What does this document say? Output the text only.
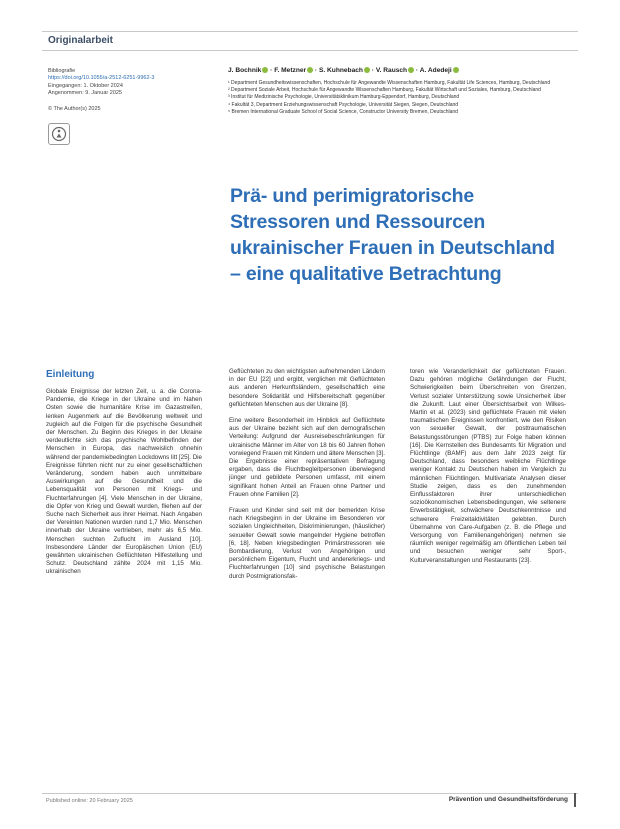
Originalarbeit
Bibliografie
https://doi.org/10.1055/a-2512-6251-9962-3
Eingegangen: 1. Oktober 2024
Angenommen: 9. Januar 2025
© The Author(s) 2025
J. Bochnik · F. Metzner · S. Kuhnebach · V. Rausch · A. Adedeji
¹ Department Gesundheitswissenschaften, Hochschule für Angewandte Wissenschaften Hamburg, Fakultät Life Sciences, Hamburg, Deutschland
² Department Soziale Arbeit, Hochschule für Angewandte Wissenschaften Hamburg, Fakultät Wirtschaft und Soziales, Hamburg, Deutschland
³ Institut für Medizinische Psychologie, Universitätsklinikum Hamburg-Eppendorf, Hamburg, Deutschland
⁴ Fakultät 3, Department Erziehungswissenschaft Psychologie, Universität Siegen, Siegen, Deutschland
⁵ Bremen International Graduate School of Social Science, Constructor University Bremen, Deutschland
Prä- und perimigratorische Stressoren und Ressourcen ukrainischer Frauen in Deutschland – eine qualitative Betrachtung
Einleitung

Globale Ereignisse der letzten Zeit, u. a. die Corona-Pandemie, die Kriege in der Ukraine und im Nahen Osten sowie die humanitäre Krise im Gazastreifen, lenken Augenmerk auf die Bevölkerung weltweit und zugleich auf die Folgen für die psychische Gesundheit der Menschen. Zu Beginn des Krieges in der Ukraine verdeutlichte sich das psychische Wohlbefinden der Menschen in Europa, das nachweislich ohnehin während der pandemiebedingten Lockdowns litt [25]. Die Ereignisse führten nicht nur zu einer gesellschaftlichen Veränderung, sondern haben auch unmittelbare Auswirkungen auf die Gesundheit und die Lebensqualität von Personen mit Kriegs- und Fluchterfahrungen [4]. Viele Menschen in der Ukraine, die Opfer von Krieg und Gewalt wurden, fliehen auf der Suche nach Sicherheit aus ihrer Heimat. Nach Angaben der Vereinten Nationen wurden rund 1,7 Mio. Menschen innerhalb der Ukraine vertrieben, mehr als 6,5 Mio. Menschen suchten Zuflucht im Ausland [10]. Insbesondere Länder der Europäischen Union (EU) gewährten ukrainischen Geflüchteten Hilfestellung und Schutz. Deutschland zählte 2024 mit 1,15 Mio. ukrainischen

Geflüchteten zu den wichtigsten aufnehmenden Ländern in der EU [22] und ergibt, verglichen mit Geflüchteten aus anderen Herkunftsländern, gesellschaftlich eine besondere Solidarität und Hilfsbereitschaft gegenüber geflüchteten Menschen aus der Ukraine [8].

Eine weitere Besonderheit im Hinblick auf Geflüchtete aus der Ukraine bezieht sich auf den demografischen Verteilung: Aufgrund der Ausreisebeschränkungen für ukrainische Männer im Alter von 18 bis 60 Jahren flohen vorwiegend Frauen mit Kindern und ältere Menschen [3]. Die Ergebnisse einer repräsentativen Befragung ergaben, dass die Fluchtbegleitpersonen überwiegend jünger und gebildete Personen umfasst, mit einem signifikant hohen Anteil an Frauen ohne Partner und Frauen ohne Familien [2].

Frauen und Kinder sind seit mit der bemerkten Krise nach Kriegsbeginn in der Ukraine im Besonderen vor sozialen Ungleichheiten, Diskriminierungen, (häuslicher) sexueller Gewalt sowie mangelnder Hygiene betroffen [6, 18]. Neben kriegsbedingten Primärstressoren wie Bombardierung, Verlust von Angehörigen und persönlichem Eigentum, Flucht und andererkriegs- und Fluchterfahrungen [10] sind psychische Belastungen durch Postmigrationsfak-

toren wie Veranderlichkeit der geflüchteten Frauen. Dazu gehören mögliche Gefährdungen der Flucht, Schwierigkeiten beim Überschreiten von Grenzen, Verlust sozialer Unterstützung sowie Unsicherheit über die Zukunft. Laut einer Übersichtsarbeit von Wilkes-Martin et al. (2023) sind geflüchtete Frauen mit vielen traumatischen Ereignissen konfrontiert, wie den Risiken von sexueller Gewalt, der posttraumatischen Belastungsstörungen (PTBS) zur Folge haben können [16]. Die Kernstellen des Bundesamts für Migration und Flüchtlinge (BAMF) aus dem Jahr 2023 zeigt für Deutschland, dass besonders weibliche Flüchtlinge weniger Kontakt zu Deutschen haben im Vergleich zu männlichen Flüchtlingen. Multivariate Analysen dieser Studie zeigen, dass es den zunehmenden Einflussfaktoren ihrer unterschiedlichen sozioökonomischen Lebensbedingungen, wie seltenere Erwerbstätigkeit, schwächere Deutschkenntnisse und schwerere Freizeitaktivitäten gelebten. Durch Übernahme von Care-Aufgaben (z. B. die Pflege und Versorgung von Familienangehörigen) nehmen sie räumlich weniger regelmäßig am öffentlichen Leben teil und besuchen weniger sehr Sport-, Kulturveranstaltungen und Restaurants [23].

Published online: 20 February 2025	Prävention und Gesundheitsförderung
